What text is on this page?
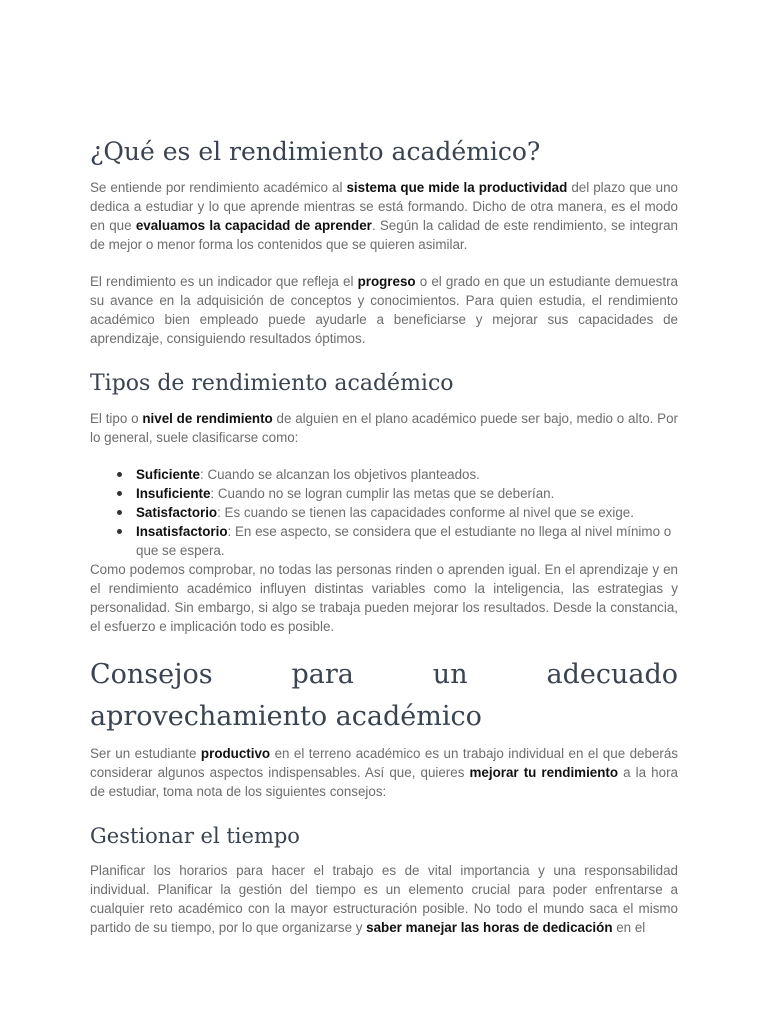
¿Qué es el rendimiento académico?

Se entiende por rendimiento académico al sistema que mide la productividad del plazo que uno dedica a estudiar y lo que aprende mientras se está formando. Dicho de otra manera, es el modo en que evaluamos la capacidad de aprender. Según la calidad de este rendimiento, se integran de mejor o menor forma los contenidos que se quieren asimilar.

El rendimiento es un indicador que refleja el progreso o el grado en que un estudiante demuestra su avance en la adquisición de conceptos y conocimientos. Para quien estudia, el rendimiento académico bien empleado puede ayudarle a beneficiarse y mejorar sus capacidades de aprendizaje, consiguiendo resultados óptimos.

Tipos de rendimiento académico

El tipo o nivel de rendimiento de alguien en el plano académico puede ser bajo, medio o alto. Por lo general, suele clasificarse como:

Suficiente: Cuando se alcanzan los objetivos planteados.
Insuficiente: Cuando no se logran cumplir las metas que se deberían.
Satisfactorio: Es cuando se tienen las capacidades conforme al nivel que se exige.
Insatisfactorio: En ese aspecto, se considera que el estudiante no llega al nivel mínimo o que se espera.

Como podemos comprobar, no todas las personas rinden o aprenden igual. En el aprendizaje y en el rendimiento académico influyen distintas variables como la inteligencia, las estrategias y personalidad. Sin embargo, si algo se trabaja pueden mejorar los resultados. Desde la constancia, el esfuerzo e implicación todo es posible.

Consejos para un adecuado aprovechamiento académico

Ser un estudiante productivo en el terreno académico es un trabajo individual en el que deberás considerar algunos aspectos indispensables. Así que, quieres mejorar tu rendimiento a la hora de estudiar, toma nota de los siguientes consejos:

Gestionar el tiempo

Planificar los horarios para hacer el trabajo es de vital importancia y una responsabilidad individual. Planificar la gestión del tiempo es un elemento crucial para poder enfrentarse a cualquier reto académico con la mayor estructuración posible. No todo el mundo saca el mismo partido de su tiempo, por lo que organizarse y saber manejar las horas de dedicación en el
